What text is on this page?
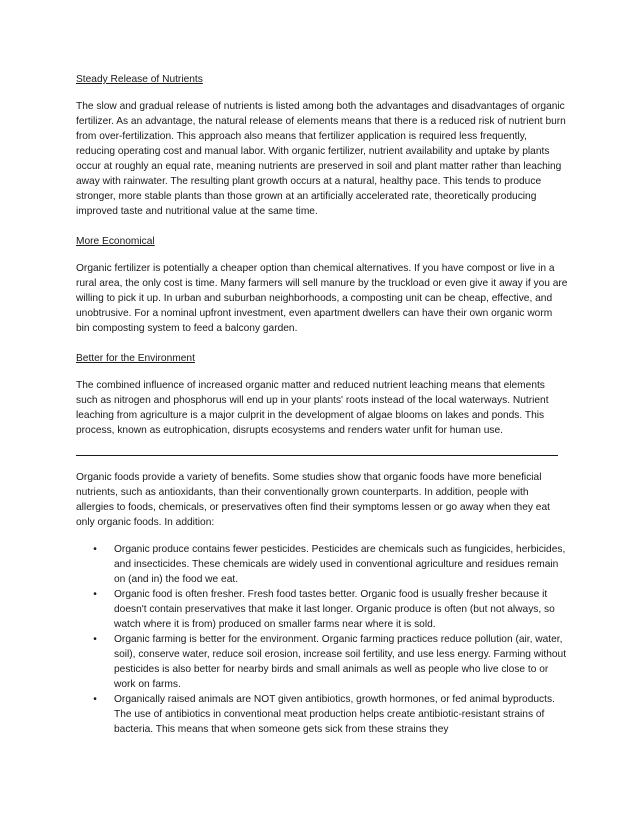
Steady Release of Nutrients

The slow and gradual release of nutrients is listed among both the advantages and disadvantages of organic fertilizer. As an advantage, the natural release of elements means that there is a reduced risk of nutrient burn from over-fertilization. This approach also means that fertilizer application is required less frequently, reducing operating cost and manual labor. With organic fertilizer, nutrient availability and uptake by plants occur at roughly an equal rate, meaning nutrients are preserved in soil and plant matter rather than leaching away with rainwater. The resulting plant growth occurs at a natural, healthy pace. This tends to produce stronger, more stable plants than those grown at an artificially accelerated rate, theoretically producing improved taste and nutritional value at the same time.

More Economical

Organic fertilizer is potentially a cheaper option than chemical alternatives. If you have compost or live in a rural area, the only cost is time. Many farmers will sell manure by the truckload or even give it away if you are willing to pick it up. In urban and suburban neighborhoods, a composting unit can be cheap, effective, and unobtrusive. For a nominal upfront investment, even apartment dwellers can have their own organic worm bin composting system to feed a balcony garden.

Better for the Environment

The combined influence of increased organic matter and reduced nutrient leaching means that elements such as nitrogen and phosphorus will end up in your plants' roots instead of the local waterways. Nutrient leaching from agriculture is a major culprit in the development of algae blooms on lakes and ponds. This process, known as eutrophication, disrupts ecosystems and renders water unfit for human use.

Organic foods provide a variety of benefits. Some studies show that organic foods have more beneficial nutrients, such as antioxidants, than their conventionally grown counterparts. In addition, people with allergies to foods, chemicals, or preservatives often find their symptoms lessen or go away when they eat only organic foods. In addition:

•	Organic produce contains fewer pesticides. Pesticides are chemicals such as fungicides, herbicides, and insecticides. These chemicals are widely used in conventional agriculture and residues remain on (and in) the food we eat.
•	Organic food is often fresher. Fresh food tastes better. Organic food is usually fresher because it doesn't contain preservatives that make it last longer. Organic produce is often (but not always, so watch where it is from) produced on smaller farms near where it is sold.
•	Organic farming is better for the environment. Organic farming practices reduce pollution (air, water, soil), conserve water, reduce soil erosion, increase soil fertility, and use less energy. Farming without pesticides is also better for nearby birds and small animals as well as people who live close to or work on farms.
•	Organically raised animals are NOT given antibiotics, growth hormones, or fed animal byproducts. The use of antibiotics in conventional meat production helps create antibiotic-resistant strains of bacteria. This means that when someone gets sick from these strains they
